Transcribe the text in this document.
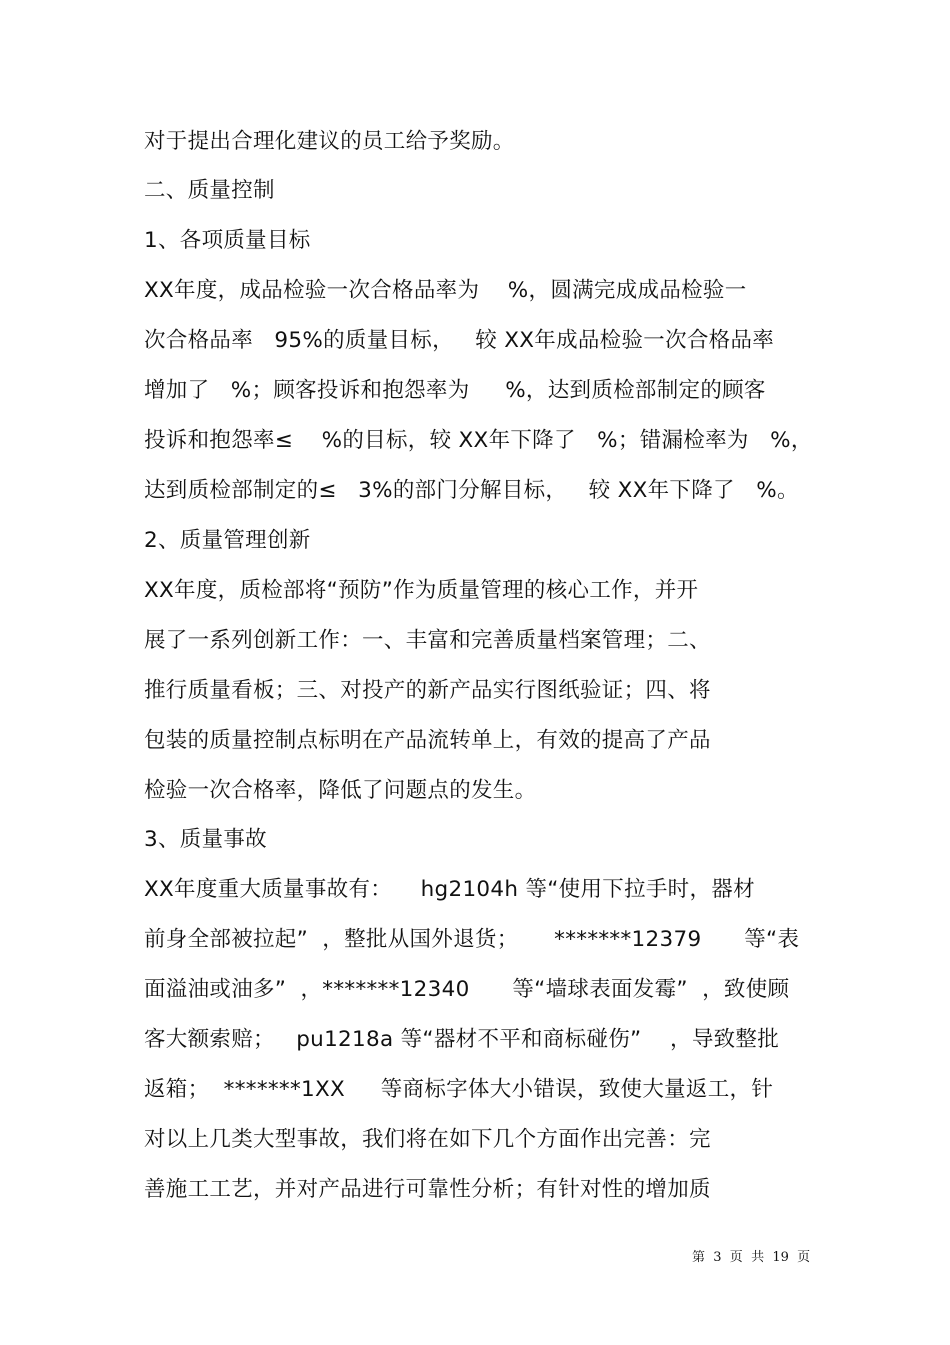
对于提出合理化建议的员工给予奖励。
二、质量控制
1、各项质量目标
XX年度，成品检验一次合格品率为    %，圆满完成成品检验一
次合格品率   95%的质量目标，   较 XX年成品检验一次合格品率
增加了   %；顾客投诉和抱怨率为     %，达到质检部制定的顾客
投诉和抱怨率≤    %的目标，较 XX年下降了   %；错漏检率为   %，
达到质检部制定的≤   3%的部门分解目标，   较 XX年下降了   %。
2、质量管理创新
XX年度，质检部将“预防”作为质量管理的核心工作，并开
展了一系列创新工作：一、丰富和完善质量档案管理；二、
推行质量看板；三、对投产的新产品实行图纸验证；四、将
包装的质量控制点标明在产品流转单上，有效的提高了产品
检验一次合格率，降低了问题点的发生。
3、质量事故
XX年度重大质量事故有：    hg2104h 等“使用下拉手时，器材
前身全部被拉起”  ，整批从国外退货；     *******12379      等“表
面溢油或油多”  ，*******12340      等“墙球表面发霉”  ，致使顾
客大额索赔；   pu1218a 等“器材不平和商标碰伤”    ，导致整批
返箱；  *******1XX     等商标字体大小错误，致使大量返工，针
对以上几类大型事故，我们将在如下几个方面作出完善：完
善施工工艺，并对产品进行可靠性分析；有针对性的增加质
第  3  页  共  19  页
